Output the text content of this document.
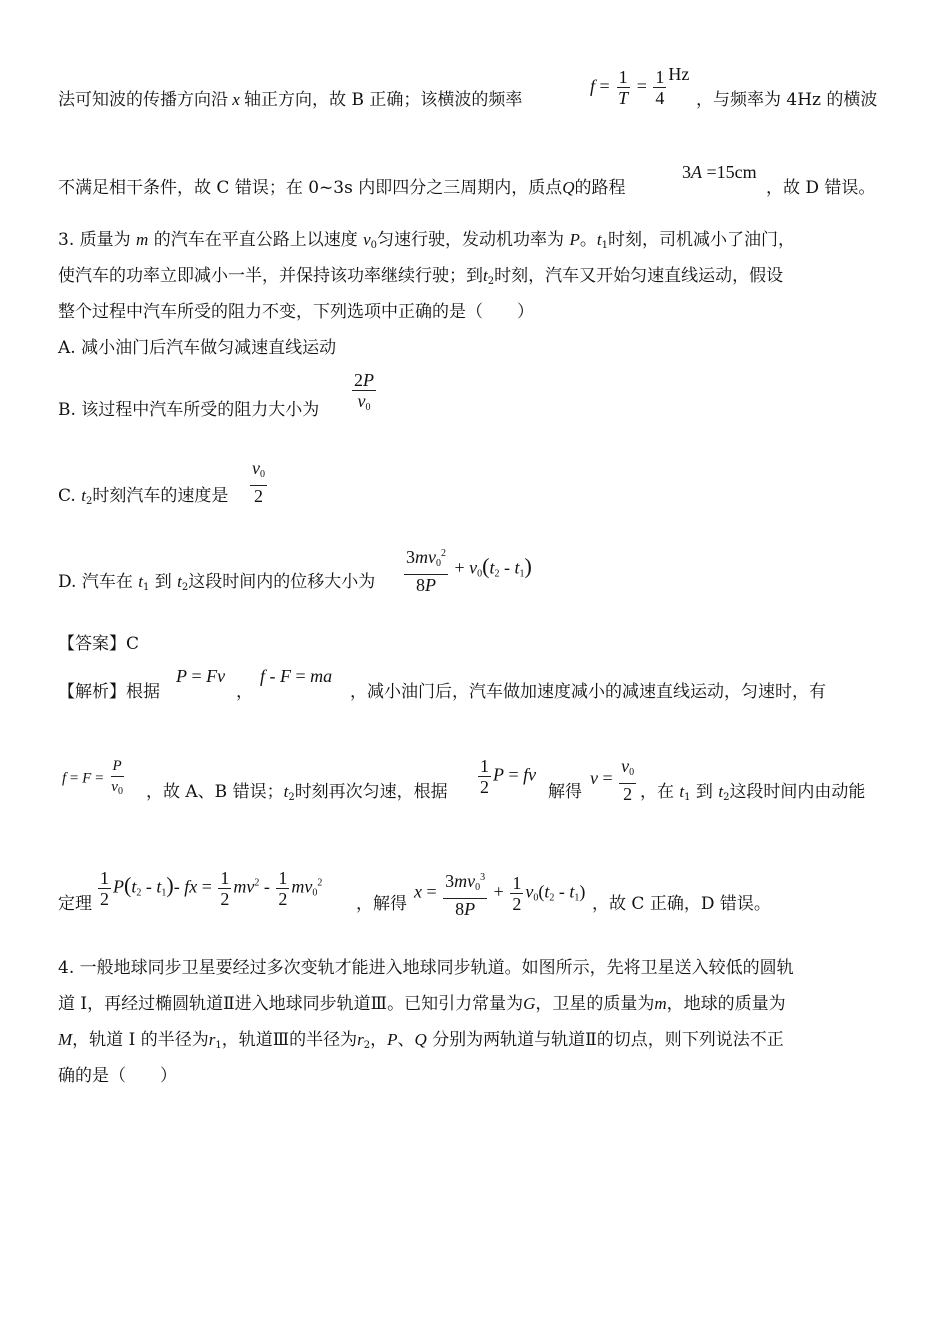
法可知波的传播方向沿 x 轴正方向，故 B 正确；该横波的频率
$f = \frac{1}{T} = \frac{1}{4}$ Hz
，与频率为 4Hz 的横波
不满足相干条件，故 C 错误；在 0~3s 内即四分之三周期内，质点Q的路程
3A =15cm
，故 D 错误。
3. 质量为 m 的汽车在平直公路上以速度 $v_0$匀速行驶，发动机功率为 P。$t_1$时刻，司机减小了油门，
使汽车的功率立即减小一半，并保持该功率继续行驶；到$t_2$时刻，汽车又开始匀速直线运动，假设
整个过程中汽车所受的阻力不变，下列选项中正确的是（　　）
A. 减小油门后汽车做匀减速直线运动
B. 该过程中汽车所受的阻力大小为 $\frac{2P}{v_0}$
C. $t_2$时刻汽车的速度是 $\frac{v_0}{2}$
D. 汽车在 $t_1$ 到 $t_2$这段时间内的位移大小为 $\frac{3mv_0^2}{8P} + v_0(t_2 - t_1)$
【答案】C
【解析】根据
P = Fv
，
f - F = ma
，减小油门后，汽车做加速度减小的减速直线运动，匀速时，有
$f = F = \frac{P}{v_0}$ ，故 A、B 错误；$t_2$时刻再次匀速，根据 $\frac{1}{2}$ P = fv
解得
$v = \frac{v_0}{2}$ ，在 $t_1$ 到 $t_2$这段时间内由动能
定理 $\frac{1}{2} P(t_2 - t_1)-$ fx = $\frac{1}{2} mv^2 - \frac{1}{2} mv_0^2$
，解得
$x = \frac{3mv_0^3}{8P} + \frac{1}{2} v_0(t_2 - t_1)$
，故 C 正确，D 错误。
4. 一般地球同步卫星要经过多次变轨才能进入地球同步轨道。如图所示，先将卫星送入较低的圆轨
道 I，再经过椭圆轨道Ⅱ进入地球同步轨道Ⅲ。已知引力常量为G，卫星的质量为m，地球的质量为
M，轨道 I 的半径为$r_1$，轨道Ⅲ的半径为$r_2$，P、Q 分别为两轨道与轨道Ⅱ的切点，则下列说法不正
确的是（　　）
